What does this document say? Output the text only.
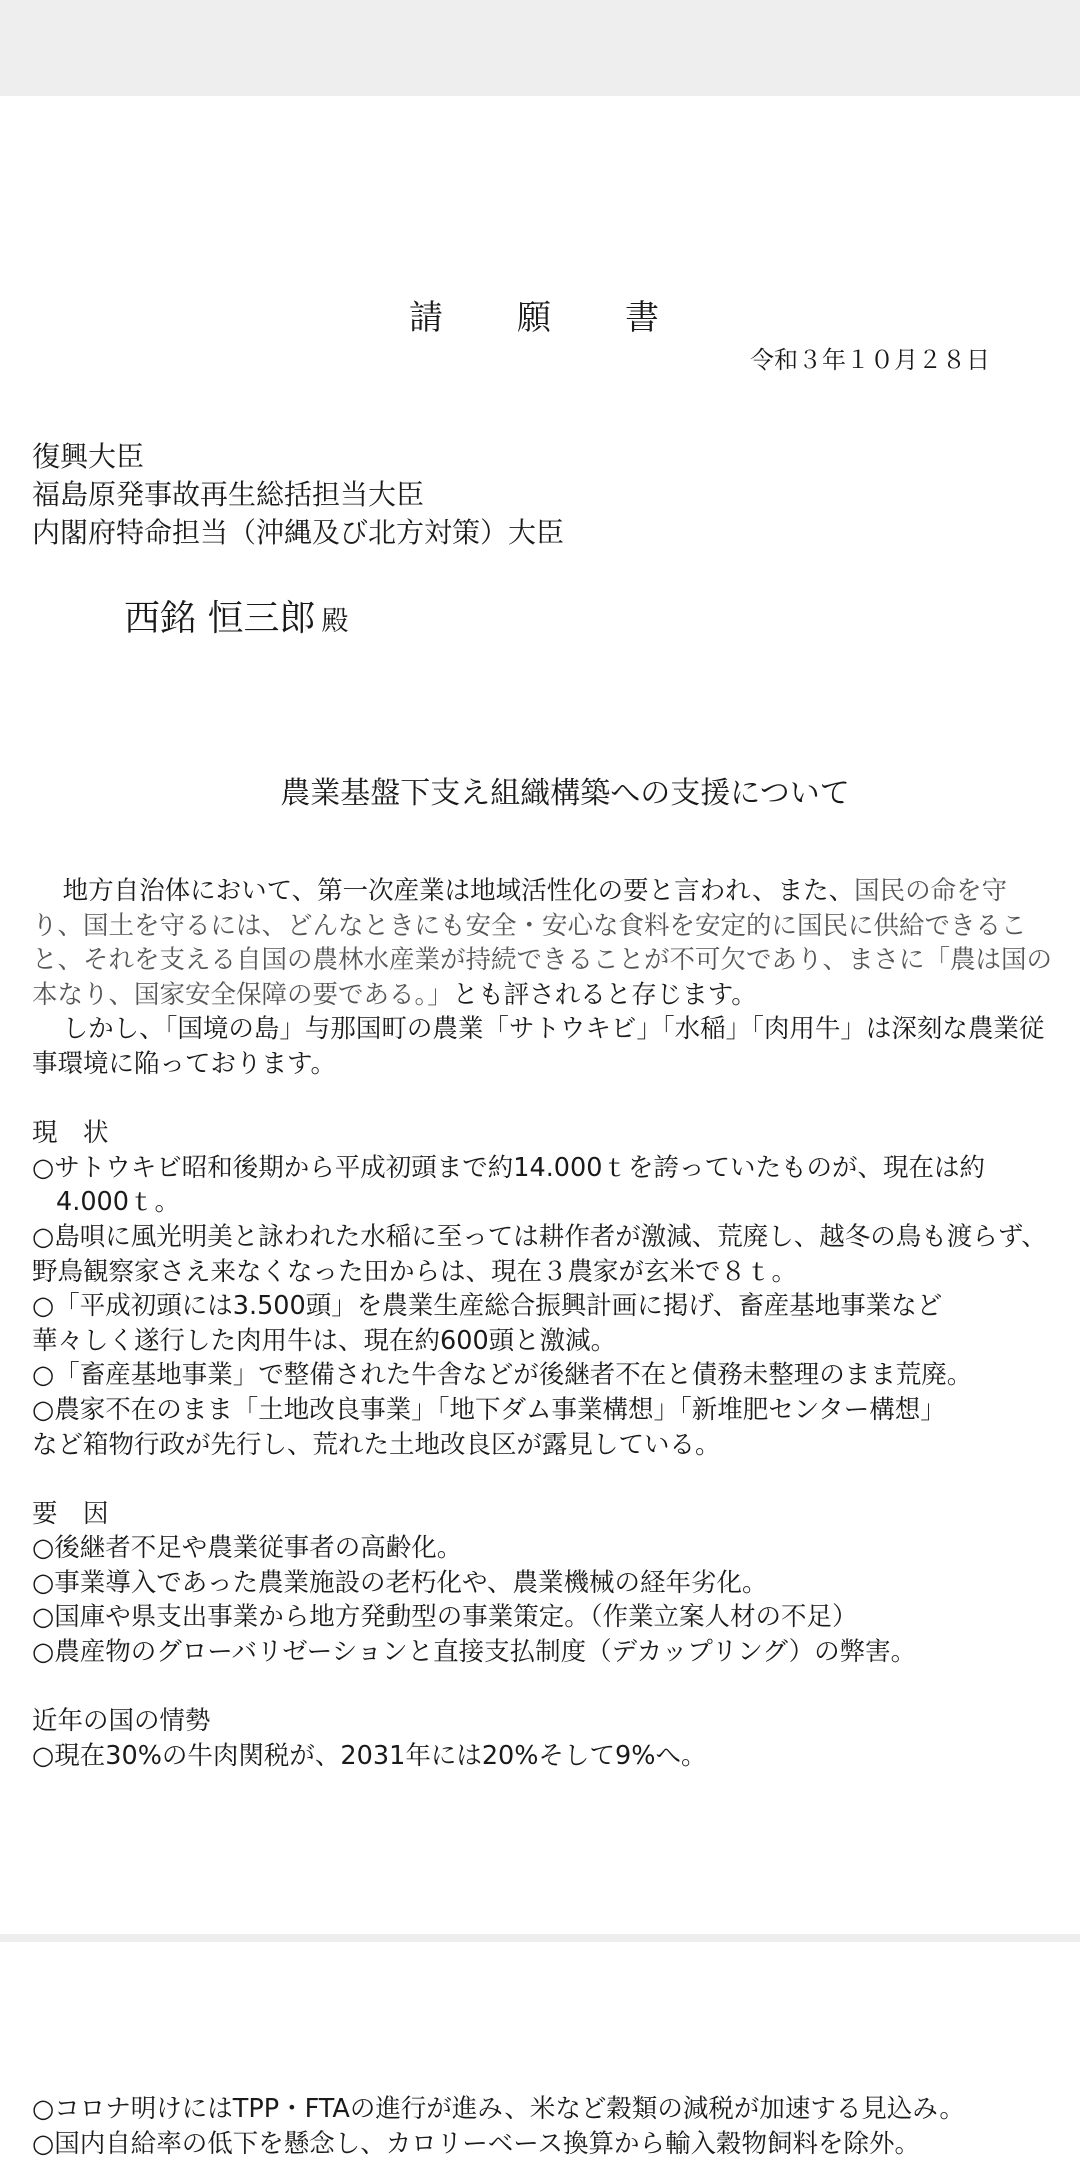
請　願　書
令和３年１０月２８日
復興大臣
福島原発事故再生総括担当大臣
内閣府特命担当（沖縄及び北方対策）大臣
西銘 恒三郎 殿
農業基盤下支え組織構築への支援について

地方自治体において、第一次産業は地域活性化の要と言われ、また、国民の命を守り、国土を守るには、どんなときにも安全・安心な食料を安定的に国民に供給できること、それを支える自国の農林水産業が持続できることが不可欠であり、まさに「農は国の本なり、国家安全保障の要である。」とも評されると存じます。

しかし、「国境の島」与那国町の農業「サトウキビ」「水稲」「肉用牛」は深刻な農業従事環境に陥っております。

現　状

○サトウキビ昭和後期から平成初頭まで約14.000ｔを誇っていたものが、現在は約

4.000ｔ。

○島唄に風光明美と詠われた水稲に至っては耕作者が激減、荒廃し、越冬の鳥も渡らず、野鳥観察家さえ来なくなった田からは、現在３農家が玄米で８ｔ。

○「平成初頭には3.500頭」を農業生産総合振興計画に掲げ、畜産基地事業など

華々しく遂行した肉用牛は、現在約600頭と激減。

○「畜産基地事業」で整備された牛舎などが後継者不在と債務未整理のまま荒廃。

○農家不在のまま「土地改良事業」「地下ダム事業構想」「新堆肥センター構想」

など箱物行政が先行し、荒れた土地改良区が露見している。

要　因

○後継者不足や農業従事者の高齢化。

○事業導入であった農業施設の老朽化や、農業機械の経年劣化。

○国庫や県支出事業から地方発動型の事業策定。（作業立案人材の不足）

○農産物のグローバリゼーションと直接支払制度（デカップリング）の弊害。

近年の国の情勢

○現在30%の牛肉関税が、2031年には20%そして9%へ。

○コロナ明けにはTPP・FTAの進行が進み、米など穀類の減税が加速する見込み。

○国内自給率の低下を懸念し、カロリーベース換算から輸入穀物飼料を除外。
